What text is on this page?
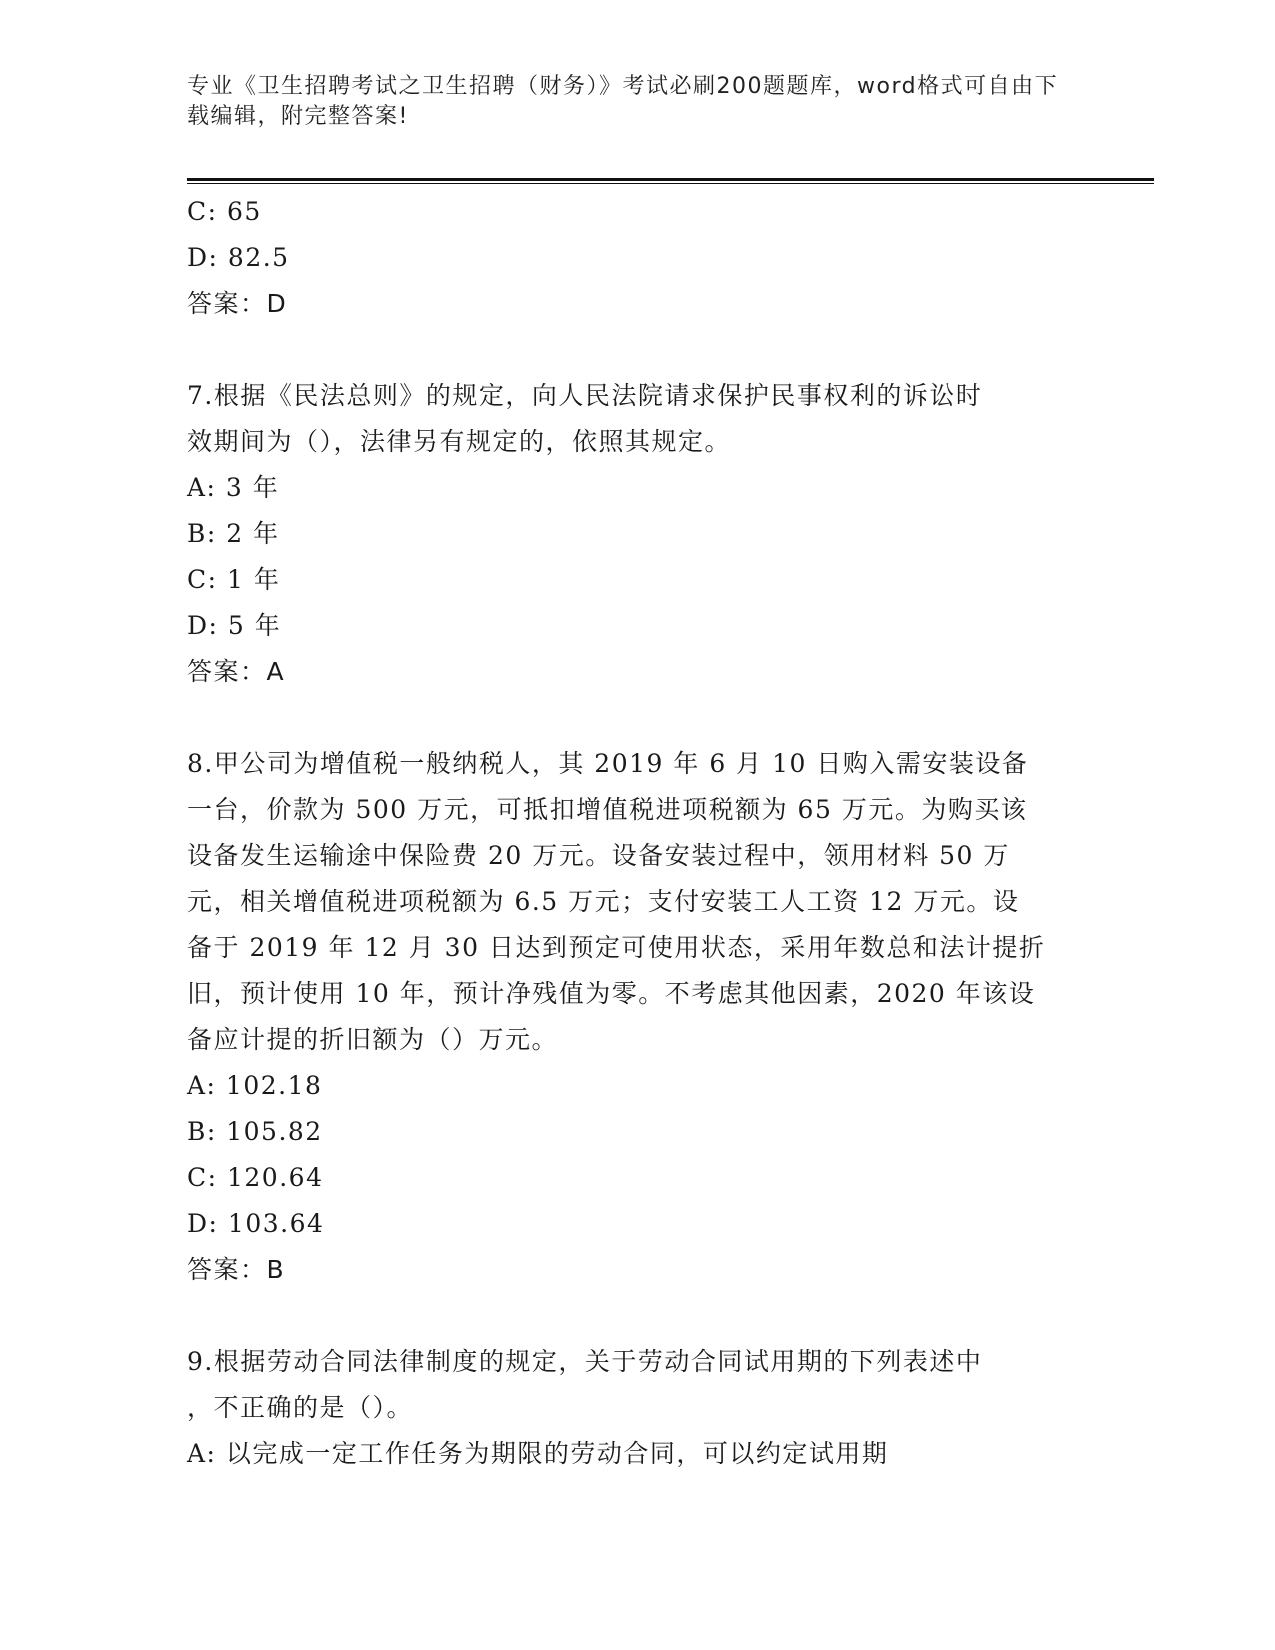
专业《卫生招聘考试之卫生招聘（财务）》考试必刷200题题库，word格式可自由下载编辑，附完整答案!
C: 65
D: 82.5
答案：D
7.根据《民法总则》的规定，向人民法院请求保护民事权利的诉讼时
效期间为（），法律另有规定的，依照其规定。
A: 3 年
B: 2 年
C: 1 年
D: 5 年
答案：A
8.甲公司为增值税一般纳税人，其 2019 年 6 月 10 日购入需安装设备
一台，价款为 500 万元，可抵扣增值税进项税额为 65 万元。为购买该
设备发生运输途中保险费 20 万元。设备安装过程中，领用材料 50 万
元，相关增值税进项税额为 6.5 万元；支付安装工人工资 12 万元。设
备于 2019 年 12 月 30 日达到预定可使用状态，采用年数总和法计提折
旧，预计使用 10 年，预计净残值为零。不考虑其他因素，2020 年该设
备应计提的折旧额为（）万元。
A: 102.18
B: 105.82
C: 120.64
D: 103.64
答案：B
9.根据劳动合同法律制度的规定，关于劳动合同试用期的下列表述中
，不正确的是（）。
A: 以完成一定工作任务为期限的劳动合同，可以约定试用期
